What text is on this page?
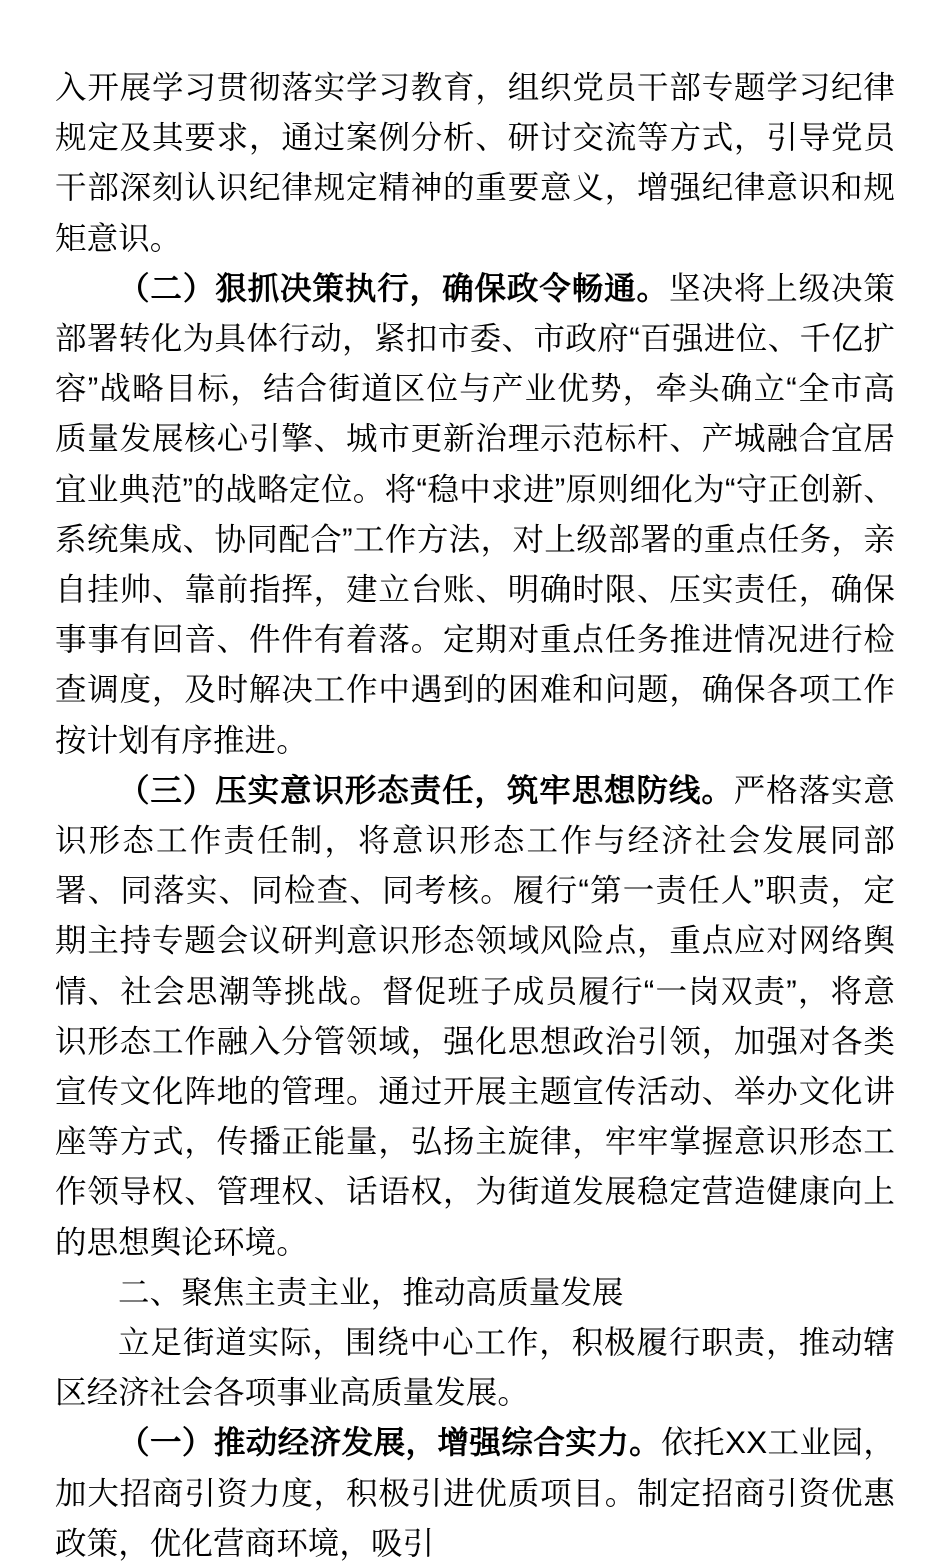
入开展学习贯彻落实学习教育，组织党员干部专题学习纪律规定及其要求，通过案例分析、研讨交流等方式，引导党员干部深刻认识纪律规定精神的重要意义，增强纪律意识和规矩意识。

（二）狠抓决策执行，确保政令畅通。坚决将上级决策部署转化为具体行动，紧扣市委、市政府“百强进位、千亿扩容”战略目标，结合街道区位与产业优势，牵头确立“全市高质量发展核心引擎、城市更新治理示范标杆、产城融合宜居宜业典范”的战略定位。将“稳中求进”原则细化为“守正创新、系统集成、协同配合”工作方法，对上级部署的重点任务，亲自挂帅、靠前指挥，建立台账、明确时限、压实责任，确保事事有回音、件件有着落。定期对重点任务推进情况进行检查调度，及时解决工作中遇到的困难和问题，确保各项工作按计划有序推进。

（三）压实意识形态责任，筑牢思想防线。严格落实意识形态工作责任制，将意识形态工作与经济社会发展同部署、同落实、同检查、同考核。履行“第一责任人”职责，定期主持专题会议研判意识形态领域风险点，重点应对网络舆情、社会思潮等挑战。督促班子成员履行“一岗双责”，将意识形态工作融入分管领域，强化思想政治引领，加强对各类宣传文化阵地的管理。通过开展主题宣传活动、举办文化讲座等方式，传播正能量，弘扬主旋律，牢牢掌握意识形态工作领导权、管理权、话语权，为街道发展稳定营造健康向上的思想舆论环境。

二、聚焦主责主业，推动高质量发展

立足街道实际，围绕中心工作，积极履行职责，推动辖区经济社会各项事业高质量发展。

（一）推动经济发展，增强综合实力。依托XX工业园，加大招商引资力度，积极引进优质项目。制定招商引资优惠政策，优化营商环境，吸引
